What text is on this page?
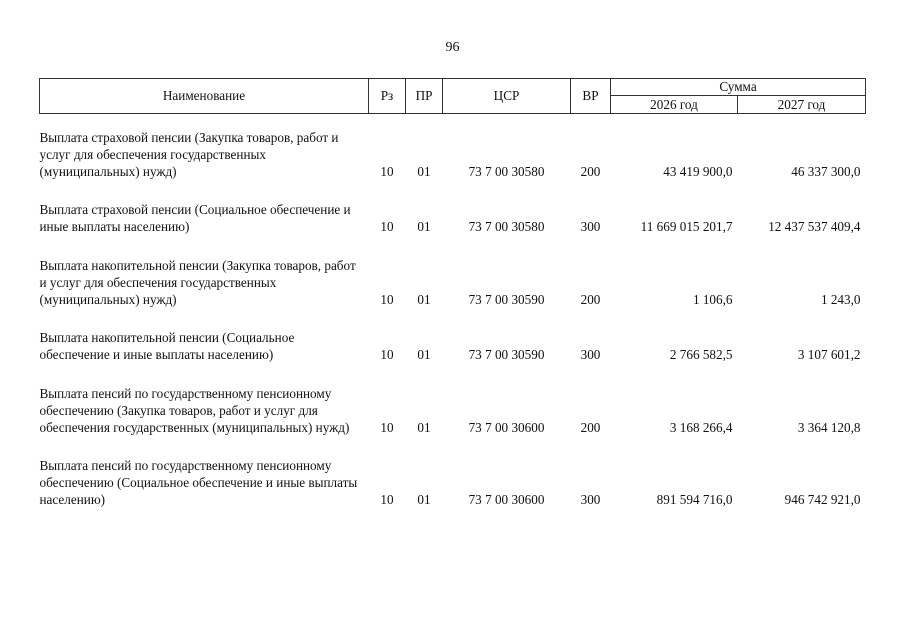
96
Наименование	Рз	ПР	ЦСР	ВР	Сумма	
					2026 год	2027 год

Выплата страховой пенсии (Закупка товаров, работ и услуг для обеспечения государственных (муниципальных) нужд)	10	01	73 7 00 30580	200	43 419 900,0	46 337 300,0

Выплата страховой пенсии (Социальное обеспечение и иные выплаты населению)	10	01	73 7 00 30580	300	11 669 015 201,7	12 437 537 409,4

Выплата накопительной пенсии (Закупка товаров, работ и услуг для обеспечения государственных (муниципальных) нужд)	10	01	73 7 00 30590	200	1 106,6	1 243,0

Выплата накопительной пенсии (Социальное обеспечение и иные выплаты населению)	10	01	73 7 00 30590	300	2 766 582,5	3 107 601,2

Выплата пенсий по государственному пенсионному обеспечению (Закупка товаров, работ и услуг для обеспечения государственных (муниципальных) нужд)	10	01	73 7 00 30600	200	3 168 266,4	3 364 120,8

Выплата пенсий по государственному пенсионному обеспечению (Социальное обеспечение и иные выплаты населению)	10	01	73 7 00 30600	300	891 594 716,0	946 742 921,0
